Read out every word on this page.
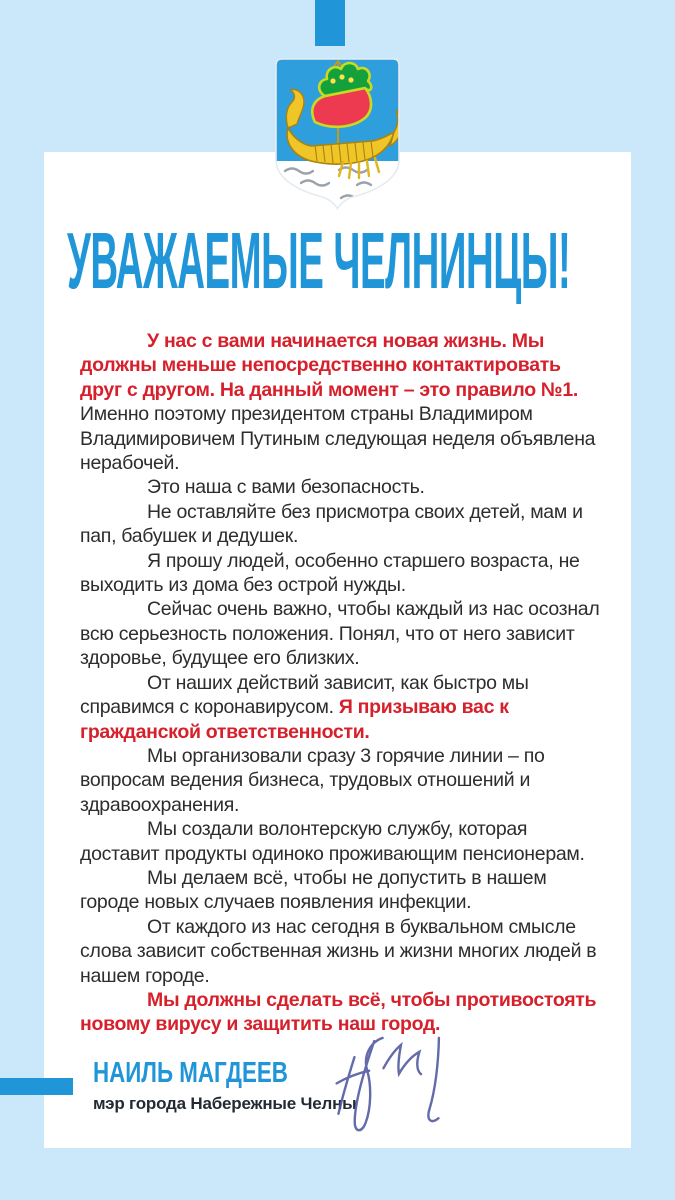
УВАЖАЕМЫЕ ЧЕЛНИНЦЫ!

У нас с вами начинается новая жизнь. Мы должны меньше непосредственно контактировать друг с другом. На данный момент – это правило №1. Именно поэтому президентом страны Владимиром Владимировичем Путиным следующая неделя объявлена нерабочей.

Это наша с вами безопасность.

Не оставляйте без присмотра своих детей, мам и пап, бабушек и дедушек.

Я прошу людей, особенно старшего возраста, не выходить из дома без острой нужды.

Сейчас очень важно, чтобы каждый из нас осознал всю серьезность положения. Понял, что от него зависит здоровье, будущее его близких.

От наших действий зависит, как быстро мы справимся с коронавирусом. Я призываю вас к гражданской ответственности.

Мы организовали сразу 3 горячие линии – по вопросам ведения бизнеса, трудовых отношений и здравоохранения.

Мы создали волонтерскую службу, которая доставит продукты одиноко проживающим пенсионерам.

Мы делаем всё, чтобы не допустить в нашем городе новых случаев появления инфекции.

От каждого из нас сегодня в буквальном смысле слова зависит собственная жизнь и жизни многих людей в нашем городе.

Мы должны сделать всё, чтобы противостоять новому вирусу и защитить наш город.

НАИЛЬ МАГДЕЕВ
мэр города Набережные Челны
